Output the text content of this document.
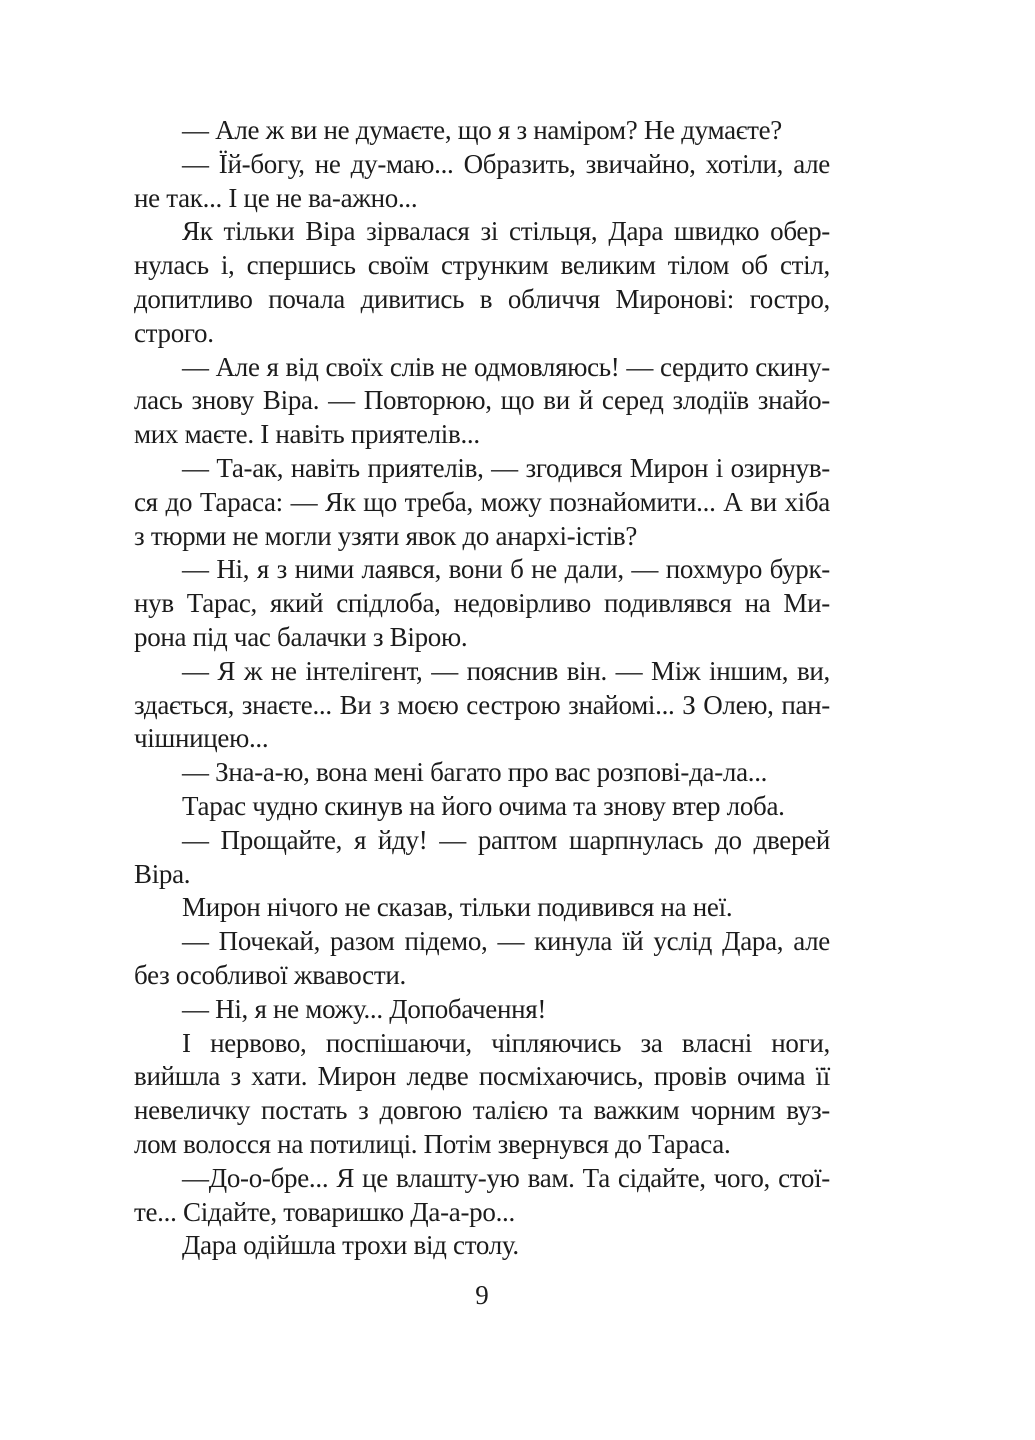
— Але ж ви не думаєте, що я з наміром? Не думаєте?

— Їй-богу, не ду-маю... Образить, звичайно, хотіли, але
не так... І це не ва-ажно...

Як тільки Віра зірвалася зі стільця, Дара швидко обер-
нулась і, спершись своїм струнким великим тілом об стіл,
допитливо почала дивитись в обличчя Миронові: гостро,
строго.

— Але я від своїх слів не одмовляюсь! — сердито скину-
лась знову Віра. — Повторюю, що ви й серед злодіїв знайо-
мих маєте. І навіть приятелів...

— Та-ак, навіть приятелів, — згодився Мирон і озирнув-
ся до Тараса: — Як що треба, можу познайомити... А ви хіба
з тюрми не могли узяти явок до анархі-істів?

— Ні, я з ними лаявся, вони б не дали, — похмуро бурк-
нув Тарас, який спідлоба, недовірливо подивлявся на Ми-
рона під час балачки з Вірою.

— Я ж не інтелігент, — пояснив він. — Між іншим, ви,
здається, знаєте... Ви з моєю сестрою знайомі... З Олею, пан-
чішницею...

— Зна-а-ю, вона мені багато про вас розпові-да-ла...

Тарас чудно скинув на його очима та знову втер лоба.

— Прощайте, я йду! — раптом шарпнулась до дверей
Віра.

Мирон нічого не сказав, тільки подивився на неї.

— Почекай, разом підемо, — кинула їй услід Дара, але
без особливої жвавости.

— Ні, я не можу... Допобачення!

І нервово, поспішаючи, чіпляючись за власні ноги,
вийшла з хати. Мирон ледве посміхаючись, провів очима її
невеличку постать з довгою талією та важким чорним вуз-
лом волосся на потилиці. Потім звернувся до Тараса.

—До-о-бре... Я це влашту-ую вам. Та сідайте, чого, стої-
те... Сідайте, товаришко Да-а-ро...

Дара одійшла трохи від столу.

9
